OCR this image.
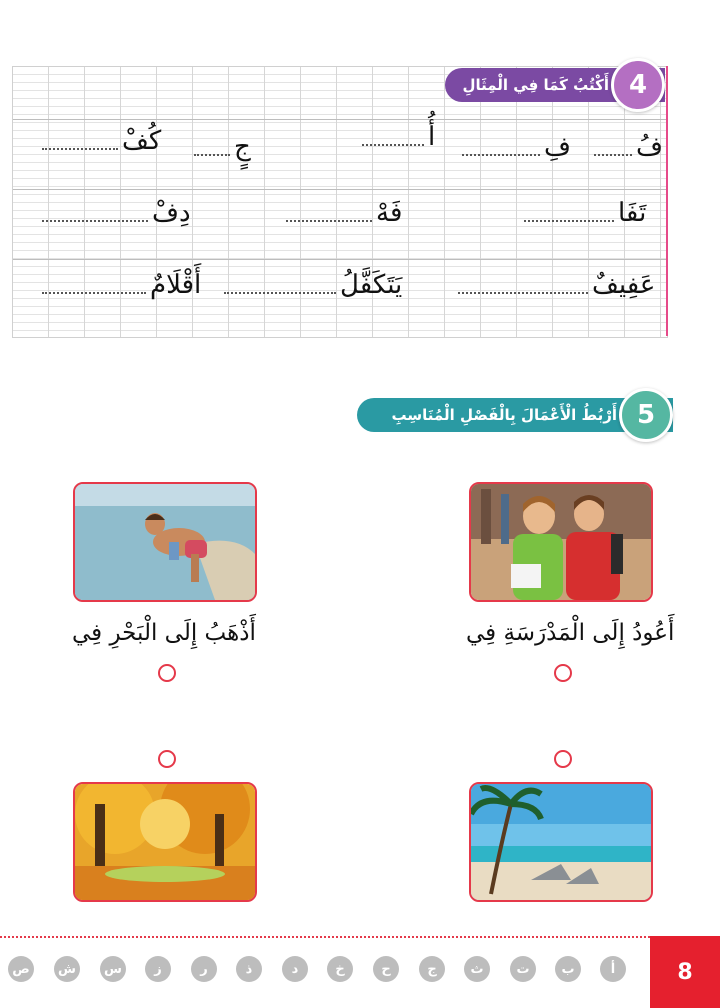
أَكْتُبُ كَمَا فِي الْمِثَالِ 4
فُ
فِ
أُ
جٍ
كُفْ
تَفَا
فَهْ
دِفْ
عَفِيفٌ
يَتَكَفَّلُ
أَقْلَامٌ
أَرْبُطُ الْأَعْمَالَ بِالْفَصْلِ الْمُنَاسِبِ 5
أَعُودُ إِلَى الْمَدْرَسَةِ فِي
أَذْهَبُ إِلَى الْبَحْرِ فِي
8
أ
ب
ت
ث
ج
ح
خ
د
ذ
ر
ز
س
ش
ص
